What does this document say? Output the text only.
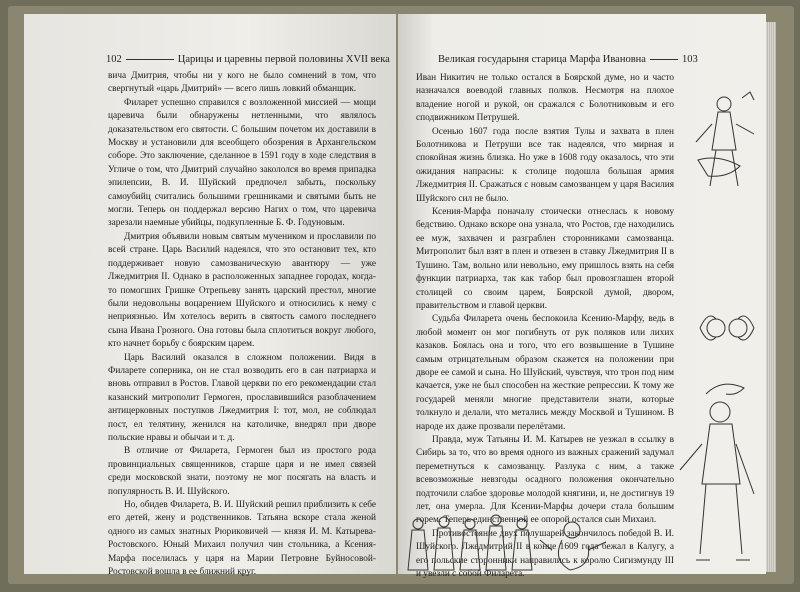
102	Царицы и царевны первой половины XVII века

вича Дмитрия, чтобы ни у кого не было сомнений в том, что свергнутый «царь Дмитрий» — всего лишь ловкий обманщик.

Филарет успешно справился с возложенной миссией — мощи царевича были обнаружены нетленными, что являлось доказательством его святости. С большим почетом их доставили в Москву и установили для всеобщего обозрения в Архангельском соборе. Это заключение, сделанное в 1591 году в ходе следствия в Угличе о том, что Дмитрий случайно закололся во время припадка эпилепсии, В. И. Шуйский предпочел забыть, поскольку самоубийц считались большими грешниками и святыми быть не могли. Теперь он поддержал версию Нагих о том, что царевича зарезали наемные убийцы, подкупленные Б. Ф. Годуновым.

Дмитрия объявили новым святым мучеником и прославили по всей стране. Царь Василий надеялся, что это остановит тех, кто поддерживает новую самозваническую авантюру — уже Лжедмитрия II. Однако в расположенных западнее городах, когда-то помогших Гришке Отрепьеву занять царский престол, многие были недовольны воцарением Шуйского и относились к нему с неприязнью. Им хотелось верить в святость самого последнего сына Ивана Грозного. Она готовы была сплотиться вокруг любого, кто начнет борьбу с боярским царем.

Царь Василий оказался в сложном положении. Видя в Филарете соперника, он не стал возводить его в сан патриарха и вновь отправил в Ростов. Главой церкви по его рекомендации стал казанский митрополит Гермоген, прославившийся разоблачением антицерковных поступков Лжедмитрия I: тот, мол, не соблюдал пост, ел телятину, женился на католичке, внедрял при дворе польские нравы и обычаи и т. д.

В отличие от Филарета, Гермоген был из простого рода провинциальных священников, старше царя и не имел связей среди московской знати, поэтому не мог посягать на власть и популярность В. И. Шуйского.

Но, обидев Филарета, В. И. Шуйский решил приблизить к себе его детей, жену и родственников. Татьяна вскоре стала женой одного из самых знатных Рюриковичей — князя И. М. Катырева-Ростовского. Юный Михаил получил чин стольника, а Ксения-Марфа поселилась у царя на Марии Петровне Буйносовой-Ростовской вошла в ее ближний круг.

Великая государыня старица Марфа Ивановна	103

Иван Никитич не только остался в Боярской думе, но и часто назначался воеводой главных полков. Несмотря на плохое владение ногой и рукой, он сражался с Болотниковым и его сподвижником Петрушей.

Осенью 1607 года после взятия Тулы и захвата в плен Болотникова и Петруши все так надеялся, что мирная и спокойная жизнь близка. Но уже в 1608 году оказалось, что эти ожидания напрасны: к столице подошла большая армия Лжедмитрия II. Сражаться с новым самозванцем у царя Василия Шуйского сил не было.

Ксения-Марфа поначалу стоически отнеслась к новому бедствию. Однако вскоре она узнала, что Ростов, где находились ее муж, захвачен и разграблен сторонниками самозванца. Митрополит был взят в плен и отвезен в ставку Лжедмитрия II в Тушино. Там, вольно или невольно, ему пришлось взять на себя функции патриарха, так как табор был провозглашен второй столицей со своим царем, Боярской думой, двором, правительством и главой церкви.

Судьба Филарета очень беспокоила Ксению-Марфу, ведь в любой момент он мог погибнуть от рук поляков или лихих казаков. Боялась она и того, что его возвышение в Тушине самым отрицательным образом скажется на положении при дворе ее самой и сына. Но Шуйский, чувствуя, что трон под ним качается, уже не был способен на жесткие репрессии. К тому же государей меняли многие представители знати, которые толкнуло и делали, что метались между Москвой и Тушином. В народе их даже прозвали перелётами.

Правда, муж Татьяны И. М. Катырев не уезжал в ссылку в Сибирь за то, что во время одного из важных сражений задумал переметнуться к самозванцу. Разлука с ним, а также всевозможные невзгоды осадного положения окончательно подточили слабое здоровье молодой княгини, и, не достигнув 19 лет, она умерла. Для Ксении-Марфы дочери стала большим горем. Теперь единственной ее опорой остался сын Михаил.

Противостояние двух полушарей закончилось победой В. И. Шуйского. Лжедмитрий II в конце 1609 года бежал в Калугу, а его польские сторонники направились к королю Сигизмунду III и увезли с собой Филарета.
